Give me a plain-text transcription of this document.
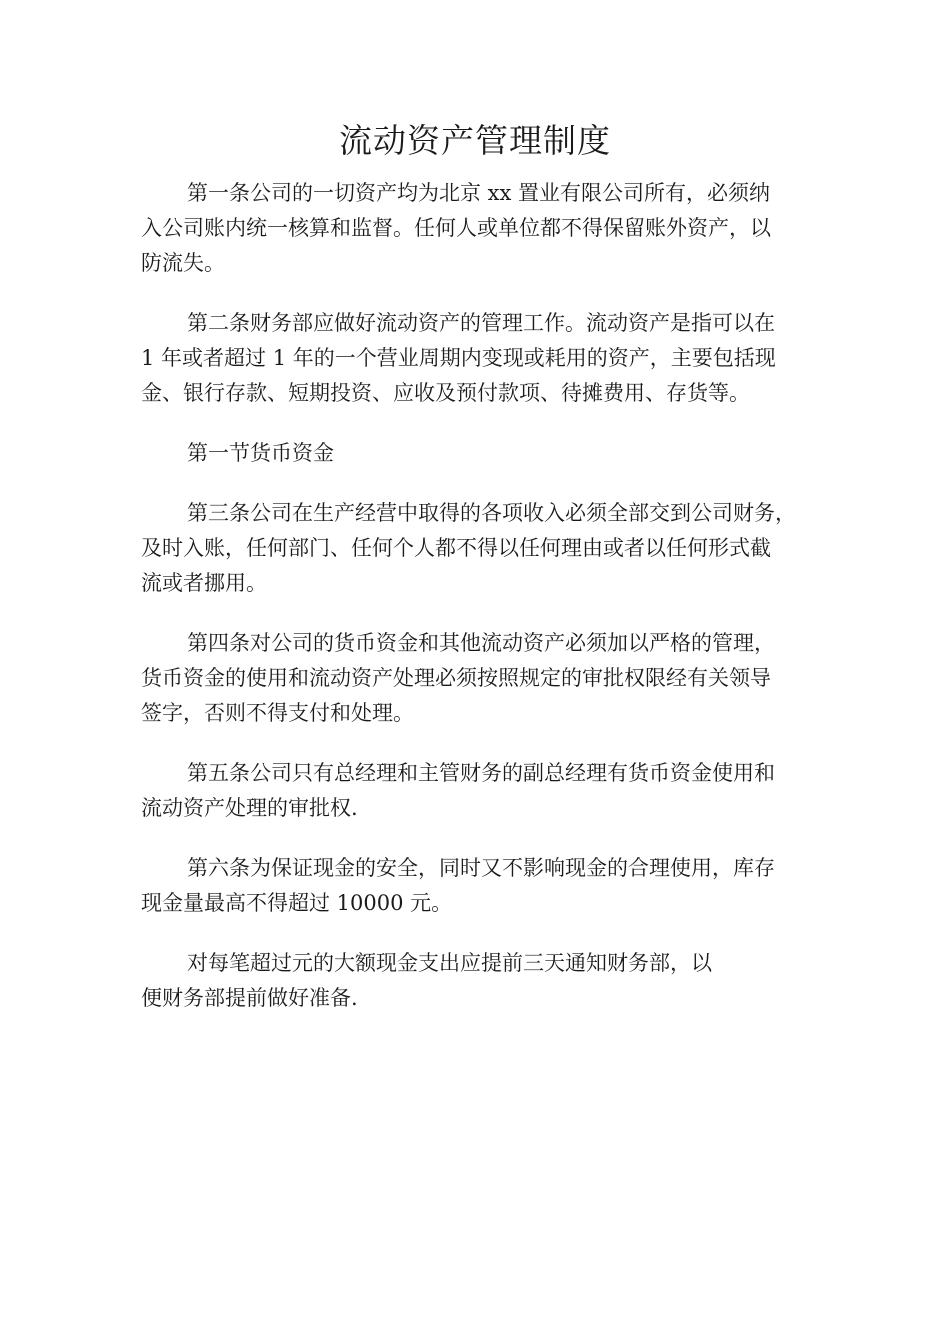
流动资产管理制度

第一条公司的一切资产均为北京 xx 置业有限公司所有，必须纳
入公司账内统一核算和监督。任何人或单位都不得保留账外资产，以
防流失。

第二条财务部应做好流动资产的管理工作。流动资产是指可以在
1 年或者超过 1 年的一个营业周期内变现或耗用的资产，主要包括现
金、银行存款、短期投资、应收及预付款项、待摊费用、存货等。

第一节货币资金

第三条公司在生产经营中取得的各项收入必须全部交到公司财务，
及时入账，任何部门、任何个人都不得以任何理由或者以任何形式截
流或者挪用。

第四条对公司的货币资金和其他流动资产必须加以严格的管理，
货币资金的使用和流动资产处理必须按照规定的审批权限经有关领导
签字，否则不得支付和处理。

第五条公司只有总经理和主管财务的副总经理有货币资金使用和
流动资产处理的审批权.

第六条为保证现金的安全，同时又不影响现金的合理使用，库存
现金量最高不得超过 10000 元。

对每笔超过元的大额现金支出应提前三天通知财务部，以
便财务部提前做好准备.
